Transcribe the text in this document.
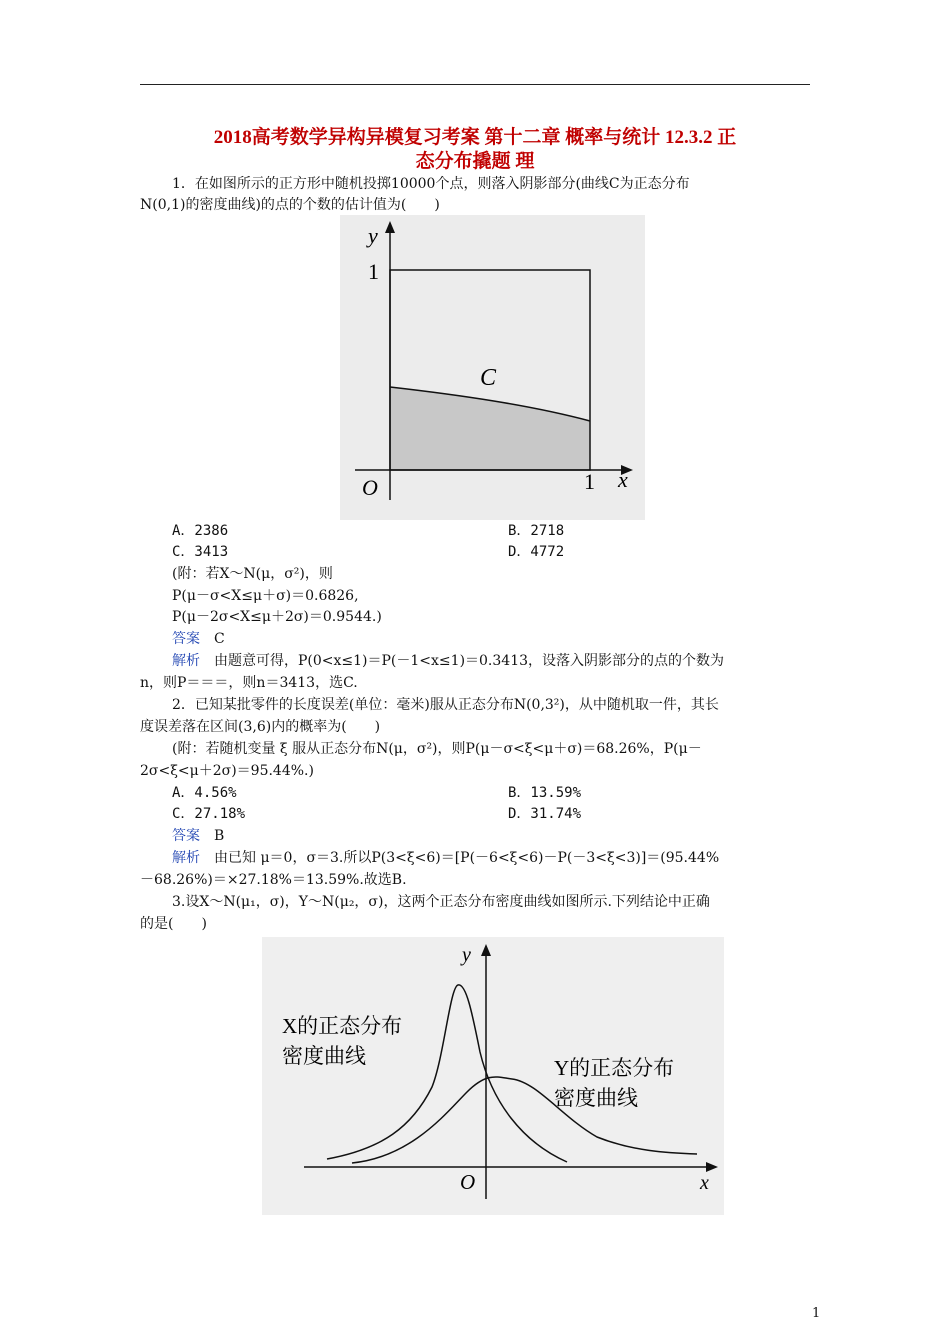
2018高考数学异构异模复习考案 第十二章 概率与统计 12.3.2 正
态分布撬题 理
1．在如图所示的正方形中随机投掷10000个点，则落入阴影部分(曲线C为正态分布
N(0,1)的密度曲线)的点的个数的估计值为(　　)
y
1
C
O	1 x
A．2386	B．2718
C．3413	D．4772
(附：若X～N(μ，σ²)，则
P(μ－σ<X≤μ＋σ)＝0.6826,
P(μ－2σ<X≤μ＋2σ)＝0.9544.)
答案　 C
解析　 由题意可得，P(0<x≤1)＝P(－1<x≤1)＝0.3413，设落入阴影部分的点的个数为
n，则P＝＝＝，则n＝3413，选C.
2．已知某批零件的长度误差(单位：毫米)服从正态分布N(0,3²)，从中随机取一件，其长
度误差落在区间(3,6)内的概率为(　　)
(附：若随机变量 ξ 服从正态分布N(μ，σ²)，则P(μ－σ<ξ<μ＋σ)＝68.26%，P(μ－
2σ<ξ<μ＋2σ)＝95.44%.)
A．4.56%	B．13.59%
C．27.18%	D．31.74%
答案　 B
解析　 由已知 μ＝0，σ＝3.所以P(3<ξ<6)＝[P(－6<ξ<6)－P(－3<ξ<3)]＝(95.44%
－68.26%)＝×27.18%＝13.59%.故选B.
3.设X～N(μ₁，σ)，Y～N(μ₂，σ)，这两个正态分布密度曲线如图所示.下列结论中正确
的是(　　)
y
X的正态分布
密度曲线	Y的正态分布
密度曲线
O	x
1
